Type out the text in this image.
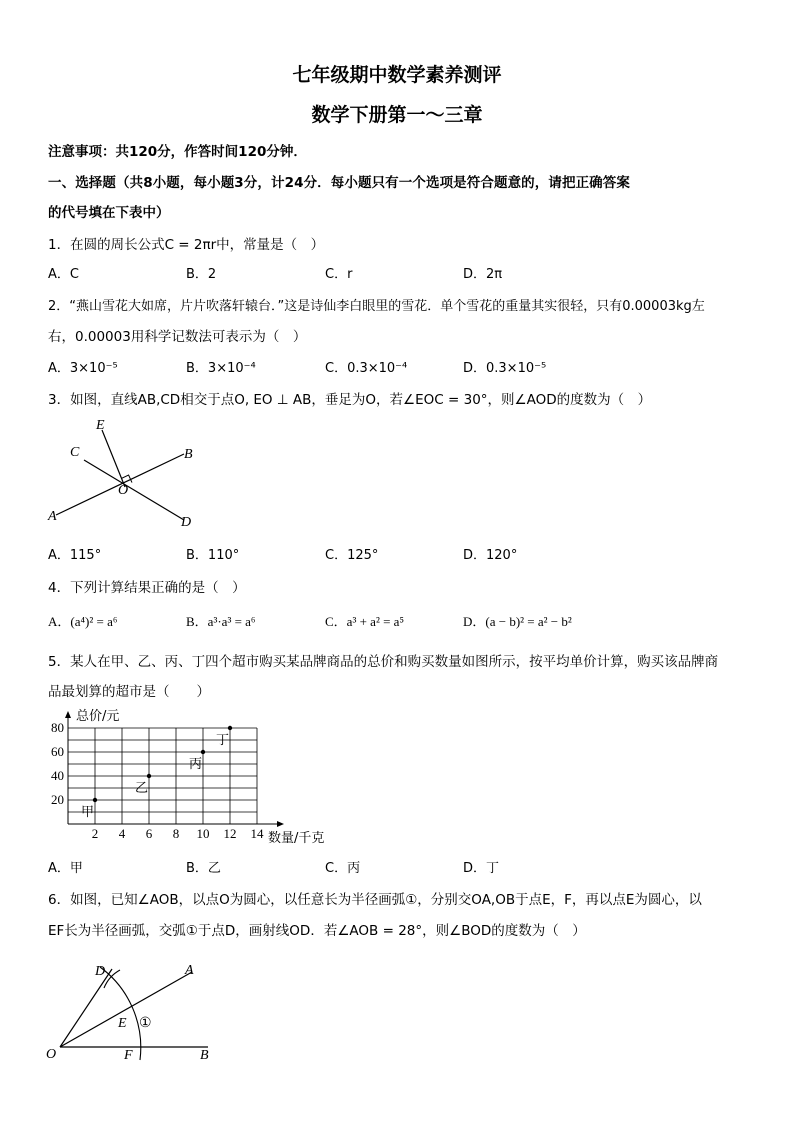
七年级期中数学素养测评
数学下册第一～三章
注意事项：共120分，作答时间120分钟．
一、选择题（共8小题，每小题3分，计24分．每小题只有一个选项是符合题意的，请把正确答案
的代号填在下表中）
1．在圆的周长公式C = 2πr中，常量是（　）
A．C	B．2	C．r	D．2π
2．“燕山雪花大如席，片片吹落轩辕台．”这是诗仙李白眼里的雪花．单个雪花的重量其实很轻，只有0.00003kg左
右，0.00003用科学记数法可表示为（　）
A．3×10⁻⁵	B．3×10⁻⁴	C．0.3×10⁻⁴	D．0.3×10⁻⁵
3．如图，直线AB,CD相交于点O, EO ⊥ AB，垂足为O，若∠EOC = 30°，则∠AOD的度数为（　）
E
C	B
O
A	D
A．115°	B．110°	C．125°	D．120°
4．下列计算结果正确的是（　）
A．(a⁴)² = a⁶	B．a³·a³ = a⁶	C．a³ + a² = a⁵	D．(a − b)² = a² − b²
5．某人在甲、乙、丙、丁四个超市购买某品牌商品的总价和购买数量如图所示，按平均单价计算，购买该品牌商
品最划算的超市是（　　）
2 4 6 8 10 12 14
20
40
60
80
甲
乙
丙
丁
总价/元
数量/千克
A．甲	B．乙	C．丙	D．丁
6．如图，已知∠AOB，以点O为圆心，以任意长为半径画弧①，分别交OA,OB于点E，F，再以点E为圆心，以
EF长为半径画弧，交弧①于点D，画射线OD．若∠AOB = 28°，则∠BOD的度数为（　）
D	A
E ①
O	F	B
